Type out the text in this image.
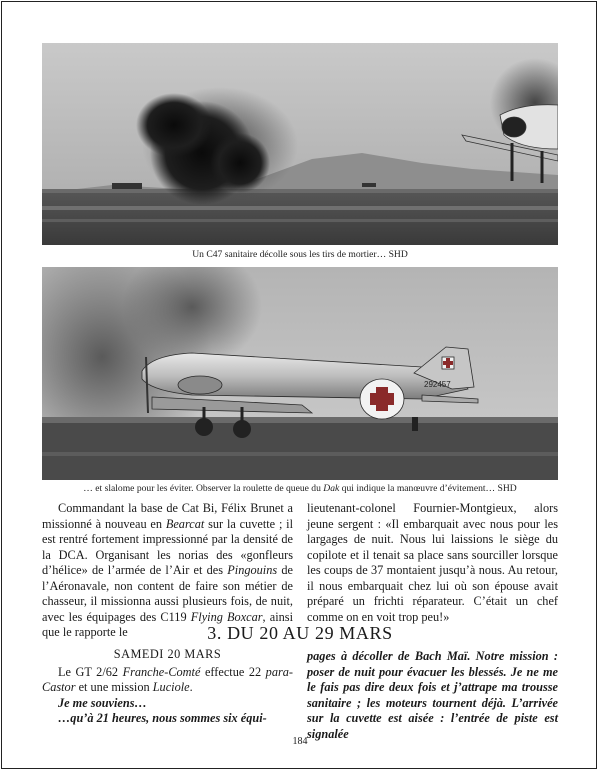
Un C47 sanitaire décolle sous les tirs de mortier… SHD
292457
… et slalome pour les éviter. Observer la roulette de queue du Dak qui indique la manœuvre d’évitement… SHD

Commandant la base de Cat Bi, Félix Brunet a missionné à nouveau en Bearcat sur la cuvette ; il est rentré fortement impressionné par la densité de la DCA. Organisant les norias des «gonfleurs d’hélice» de l’armée de l’Air et des Pingouins de l’Aéronavale, non content de faire son métier de chasseur, il missionna aussi plusieurs fois, de nuit, avec les équipages des C119 Flying Boxcar, ainsi que le rapporte le

lieutenant-colonel Fournier-Montgieux, alors jeune sergent : «Il embarquait avec nous pour les largages de nuit. Nous lui laissions le siège du copilote et il tenait sa place sans sourciller lorsque les coups de 37 montaient jusqu’à nous. Au retour, il nous embarquait chez lui où son épouse avait préparé un frichti réparateur. C’était un chef comme on en voit trop peu!»

3. DU 20 AU 29 MARS

SAMEDI 20 MARS

Le GT 2/62 Franche-Comté effectue 22 para-Castor et une mission Luciole.

Je me souviens…

…qu’à 21 heures, nous sommes six équi-

pages à décoller de Bach Maï. Notre mission : poser de nuit pour évacuer les blessés. Je ne me le fais pas dire deux fois et j’attrape ma trousse sanitaire ; les moteurs tournent déjà. L’arrivée sur la cuvette est aisée : l’entrée de piste est signalée

184
